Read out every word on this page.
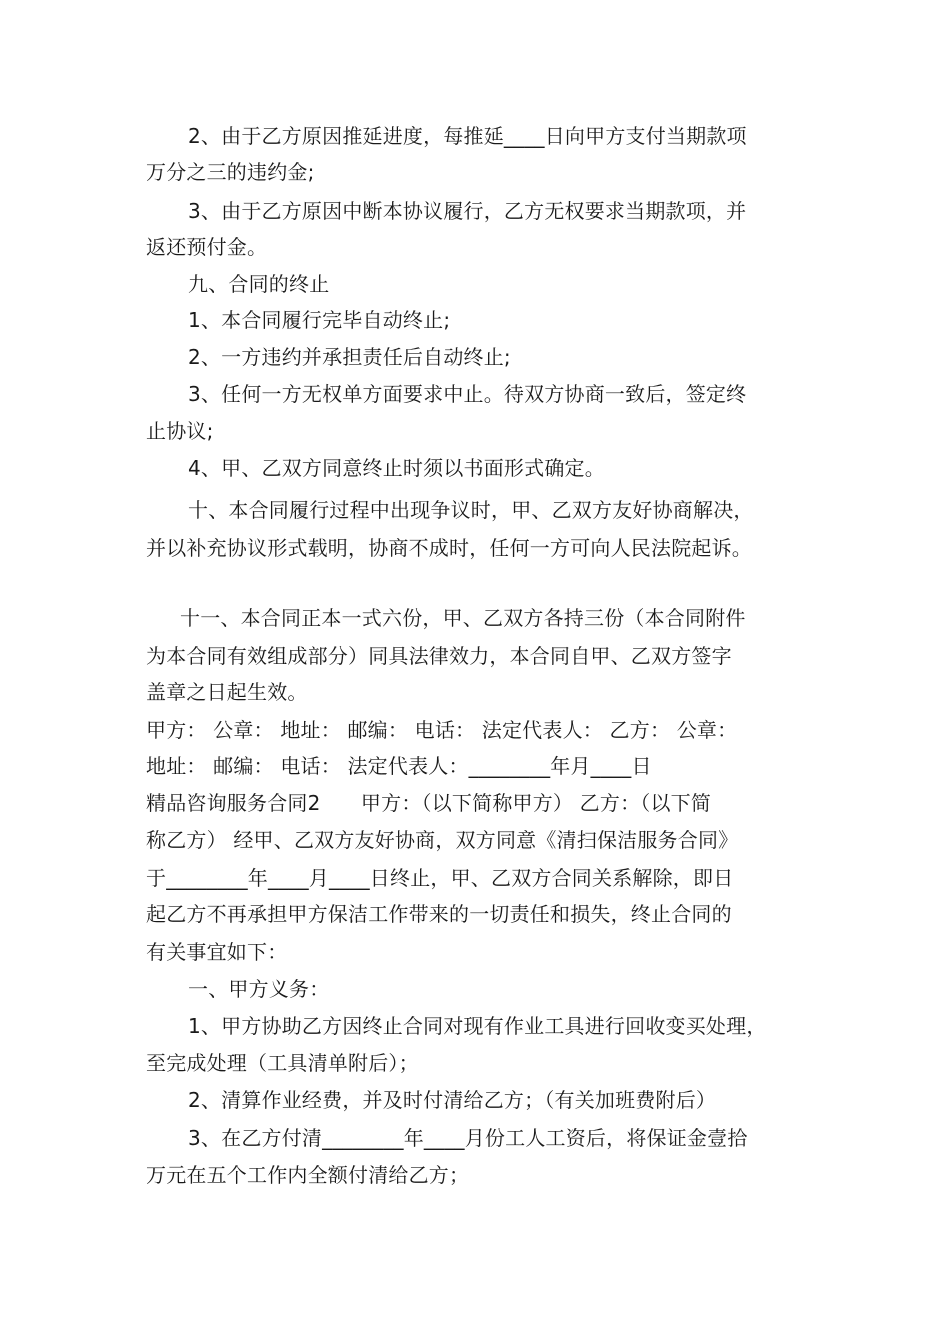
2、由于乙方原因推延进度，每推延____日向甲方支付当期款项
万分之三的违约金;
3、由于乙方原因中断本协议履行，乙方无权要求当期款项，并
返还预付金。
九、合同的终止
1、本合同履行完毕自动终止;
2、一方违约并承担责任后自动终止;
3、任何一方无权单方面要求中止。待双方协商一致后，签定终
止协议;
4、甲、乙双方同意终止时须以书面形式确定。
十、本合同履行过程中出现争议时，甲、乙双方友好协商解决，
并以补充协议形式载明，协商不成时，任何一方可向人民法院起诉。
十一、本合同正本一式六份，甲、乙双方各持三份（本合同附件
为本合同有效组成部分）同具法律效力，本合同自甲、乙双方签字
盖章之日起生效。
甲方： 公章： 地址： 邮编： 电话： 法定代表人： 乙方： 公章：
地址： 邮编： 电话： 法定代表人：________年月____日
精品咨询服务合同2　　甲方：（以下简称甲方） 乙方：（以下简
称乙方） 经甲、乙双方友好协商，双方同意《清扫保洁服务合同》
于________年____月____日终止，甲、乙双方合同关系解除，即日
起乙方不再承担甲方保洁工作带来的一切责任和损失，终止合同的
有关事宜如下：
一、甲方义务：
1、甲方协助乙方因终止合同对现有作业工具进行回收变买处理，
至完成处理（工具清单附后）；
2、清算作业经费，并及时付清给乙方；（有关加班费附后）
3、在乙方付清________年____月份工人工资后，将保证金壹拾
万元在五个工作内全额付清给乙方；
